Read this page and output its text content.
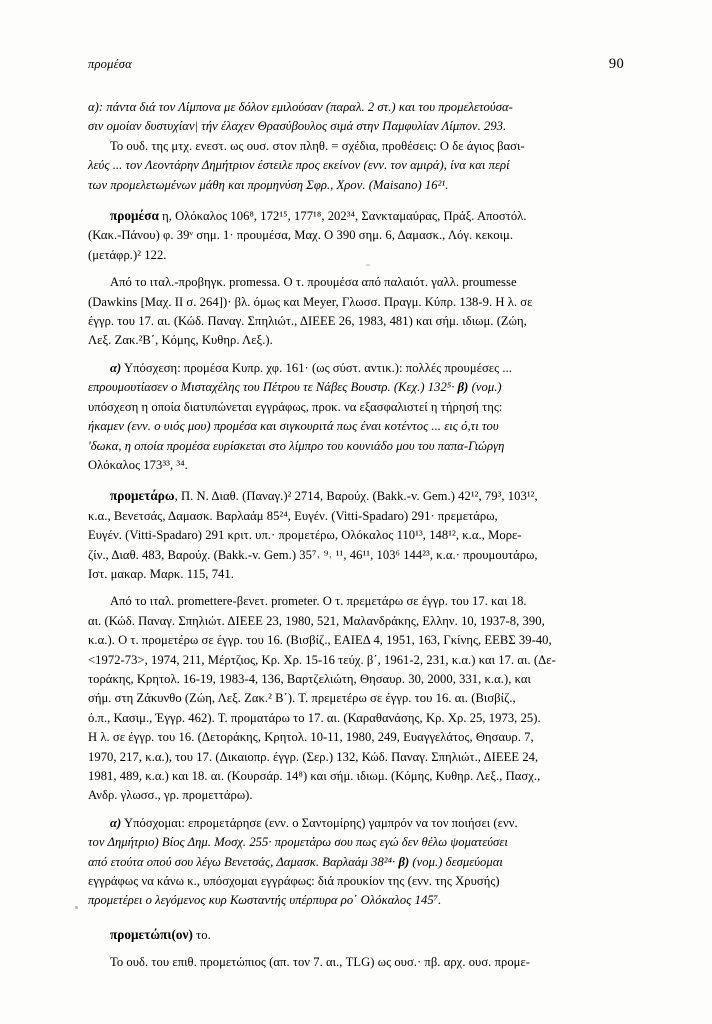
προμέσα	90

α): πάντα διά τον Λίμπονα με δόλον εμιλούσαν (παραλ. 2 στ.) και του προμελετούσα-

σιν ομοίαν δυστυχίαν| τήν έλαχεν Θρασύβουλος σιμά στην Παμφυλίαν Λίμπον. 293.

Το ουδ. της μτχ. ενεστ. ως ουσ. στον πληθ. = σχέδια, προθέσεις: Ο δε άγιος βασι-

λεύς ... τον Λεοντάρην Δημήτριον έστειλε προς εκείνον (ενν. τον αμιρά), ίνα και περί

των προμελετωμένων μάθη και προμηνύση Σφρ., Χρον. (Maisano) 16²¹.

προμέσα η, Ολόκαλος 106⁸, 172¹⁵, 177¹⁸, 202³⁴, Σανκταμαύρας, Πράξ. Αποστόλ.

(Κακ.-Πάνου) φ. 39ᵛ σημ. 1· προυμέσα, Μαχ. Ο 390 σημ. 6, Δαμασκ., Λόγ. κεκοιμ.

(μετάφρ.)² 122.

Από το ιταλ.-προβηγκ. promessa. Ο τ. προυμέσα από παλαιότ. γαλλ. proumesse

(Dawkins [Μαχ. ΙΙ σ. 264])· βλ. όμως και Meyer, Γλωσσ. Πραγμ. Κύπρ. 138-9. Η λ. σε

έγγρ. του 17. αι. (Κώδ. Παναγ. Σπηλιώτ., ΔΙΕΕΕ 26, 1983, 481) και σήμ. ιδιωμ. (Ζώη,

Λεξ. Ζακ.²Β΄, Κόμης, Κυθηρ. Λεξ.).

α) Υπόσχεση: προμέσα Κυπρ. χφ. 161· (ως σύστ. αντικ.): πολλές προυμέσες ...

επρουμουτίασεν ο Μισταχέλης του Πέτρου τε Νάβες Βουστρ. (Κεχ.) 132⁵· β) (νομ.)

υπόσχεση η οποία διατυπώνεται εγγράφως, προκ. να εξασφαλιστεί η τήρησή της:

ήκαμεν (ενν. ο υιός μου) προμέσα και σιγκουριτά πως έναι κοτέντος ... εις ό,τι του

'δωκα, η οποία προμέσα ευρίσκεται στο λίμπρο του κουνιάδο μου του παπα-Γιώργη

Ολόκαλος 173³³, ³⁴.

προμετάρω, Π. Ν. Διαθ. (Παναγ.)² 2714, Βαρούχ. (Bakk.-v. Gem.) 42¹², 79³, 103¹²,

κ.α., Βενετσάς, Δαμασκ. Βαρλαάμ 85²⁴, Ευγέν. (Vitti-Spadaro) 291· πρεμετάρω,

Ευγέν. (Vitti-Spadaro) 291 κριτ. υπ.· προμετέρω, Ολόκαλος 110¹³, 148¹², κ.α., Μορε-

ζίν., Διαθ. 483, Βαρούχ. (Bakk.-v. Gem.) 35⁷˒ ⁹˒ ¹¹, 46¹¹, 103⁶ 144²³, κ.α.· προυμουτάρω,

Ιστ. μακαρ. Μαρκ. 115, 741.

Από το ιταλ. promettere-βενετ. prometer. Ο τ. πρεμετάρω σε έγγρ. του 17. και 18.

αι. (Κώδ. Παναγ. Σπηλιώτ. ΔΙΕΕΕ 23, 1980, 521, Μαλανδράκης, Ελλην. 10, 1937-8, 390,

κ.α.). Ο τ. προμετέρω σε έγγρ. του 16. (Βισβίζ., ΕΑΙΕΔ 4, 1951, 163, Γκίνης, ΕΕΒΣ 39-40,

<1972-73>, 1974, 211, Μέρτζιος, Κρ. Χρ. 15-16 τεύχ. β΄, 1961-2, 231, κ.α.) και 17. αι. (Δε-

τοράκης, Κρητολ. 16-19, 1983-4, 136, Βαρτζελιώτη, Θησαυρ. 30, 2000, 331, κ.α.), και

σήμ. στη Ζάκυνθο (Ζώη, Λεξ. Ζακ.² Β΄). Τ. πρεμετέρω σε έγγρ. του 16. αι. (Βισβίζ.,

ό.π., Κασιμ., Έγγρ. 462). Τ. προματάρω το 17. αι. (Καραθανάσης, Κρ. Χρ. 25, 1973, 25).

Η λ. σε έγγρ. του 16. (Δετοράκης, Κρητολ. 10-11, 1980, 249, Ευαγγελάτος, Θησαυρ. 7,

1970, 217, κ.α.), του 17. (Δικαιοπρ. έγγρ. (Σερ.) 132, Κώδ. Παναγ. Σπηλιώτ., ΔΙΕΕΕ 24,

1981, 489, κ.α.) και 18. αι. (Κουρσάρ. 14⁸) και σήμ. ιδιωμ. (Κόμης, Κυθηρ. Λεξ., Πασχ.,

Ανδρ. γλωσσ., γρ. προμεττάρω).

α) Υπόσχομαι: επρομετάρησε (ενν. ο Σαντομίρης) γαμπρόν να τον ποιήσει (ενν.

τον Δημήτριο) Βίος Δημ. Μοσχ. 255· προμετάρω σου πως εγώ δεν θέλω ψοματεύσει

από ετούτα οπού σου λέγω Βενετσάς, Δαμασκ. Βαρλαάμ 38²⁴· β) (νομ.) δεσμεύομαι

εγγράφως να κάνω κ., υπόσχομαι εγγράφως: διά προυκίον της (ενν. της Χρυσής)

προμετέρει ο λεγόμενος κυρ Κωσταντής υπέρπυρα ρο΄ Ολόκαλος 145⁷.

προμετώπι(ον) το.

Το ουδ. του επιθ. προμετώπιος (απ. τον 7. αι., TLG) ως ουσ.· πβ. αρχ. ουσ. προμε-
